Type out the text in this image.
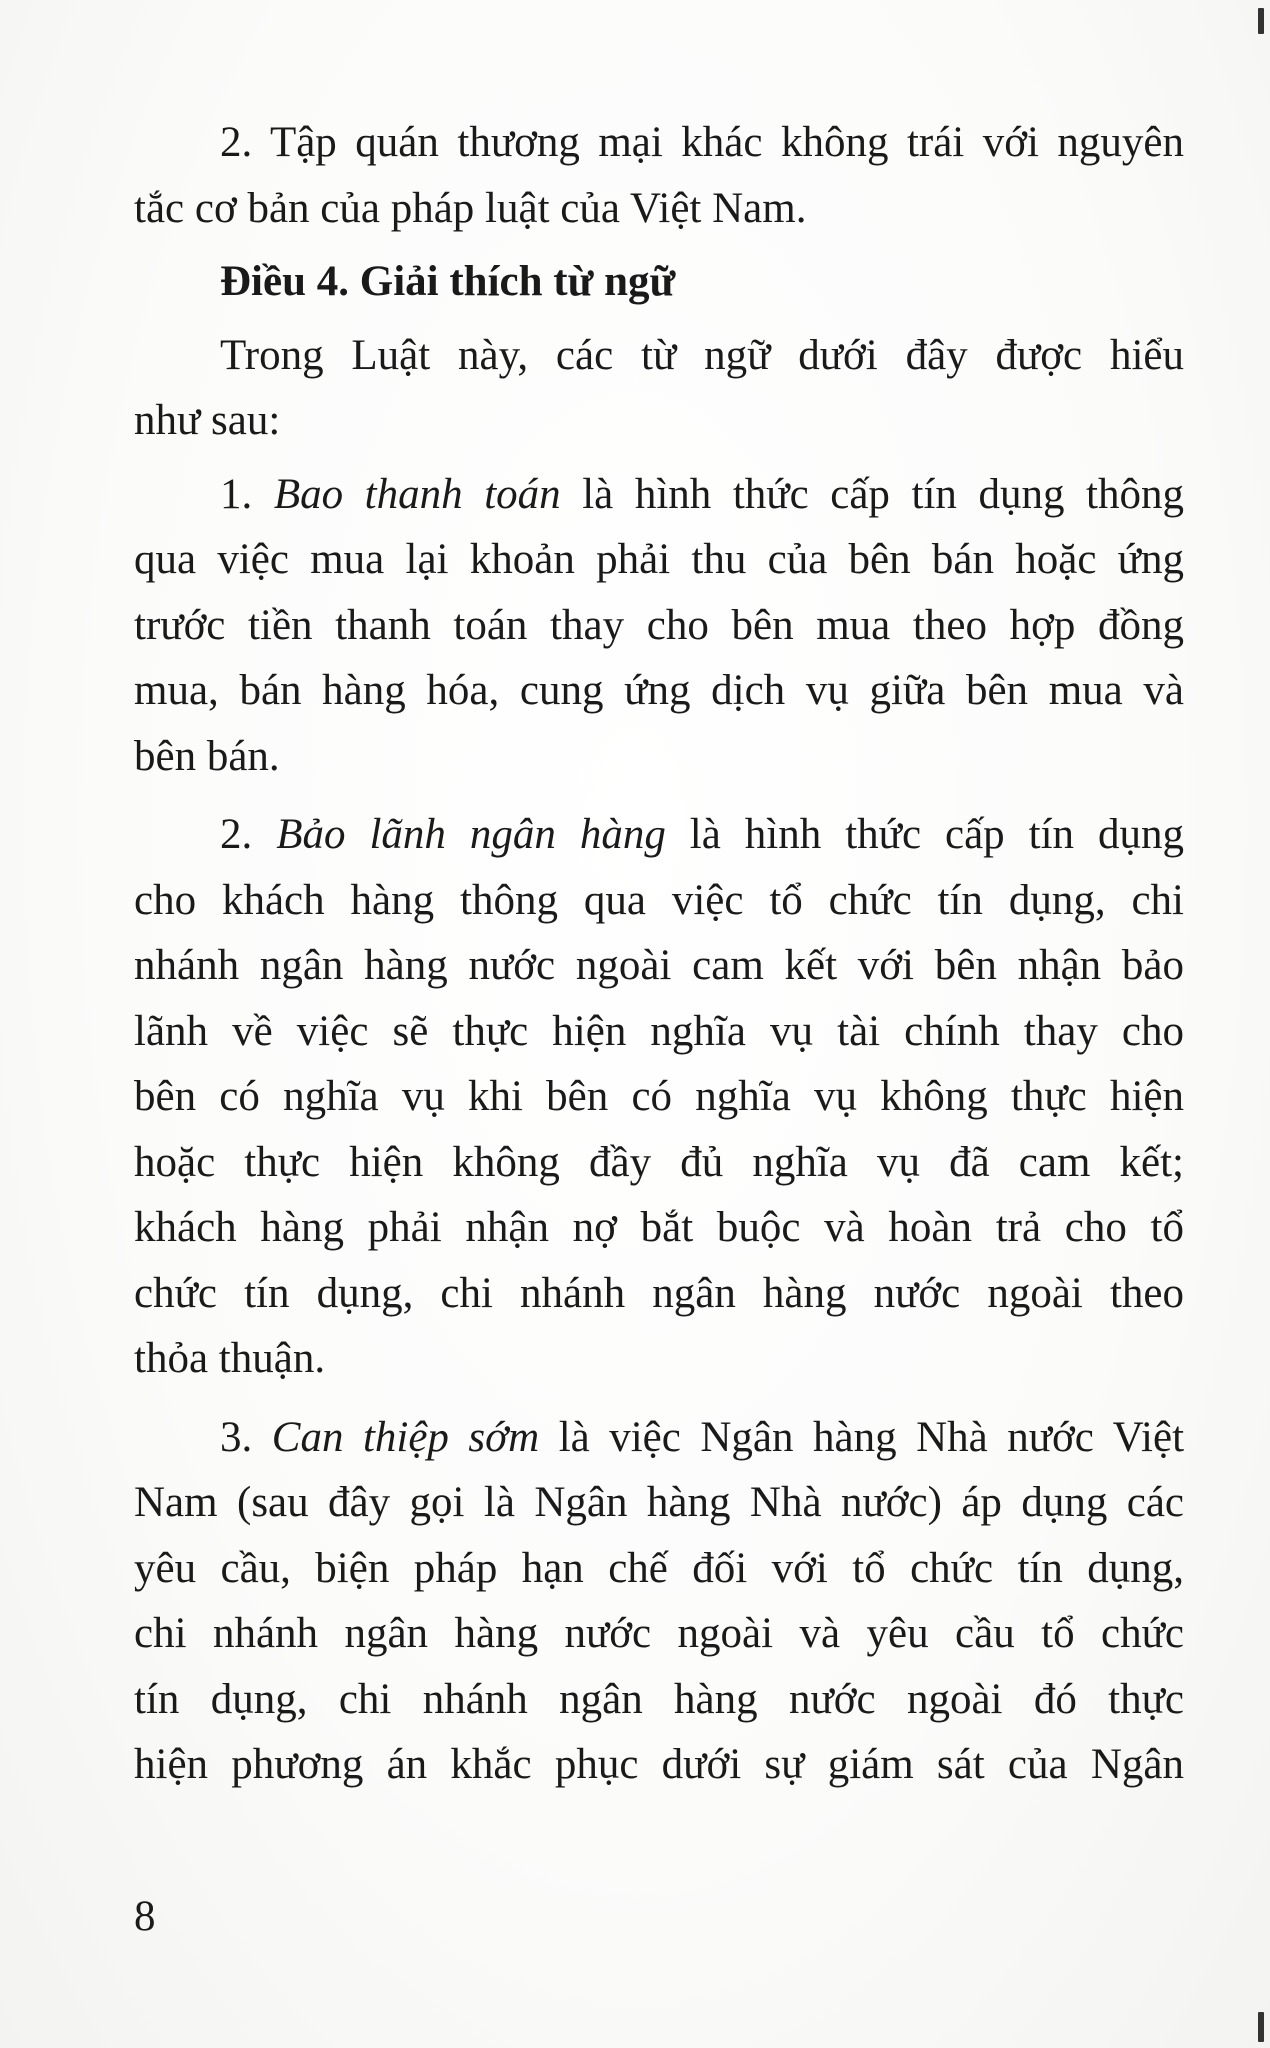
2. Tập quán thương mại khác không trái với nguyên
tắc cơ bản của pháp luật của Việt Nam.
Điều 4. Giải thích từ ngữ
Trong Luật này, các từ ngữ dưới đây được hiểu
như sau:
1. Bao thanh toán là hình thức cấp tín dụng thông
qua việc mua lại khoản phải thu của bên bán hoặc ứng
trước tiền thanh toán thay cho bên mua theo hợp đồng
mua, bán hàng hóa, cung ứng dịch vụ giữa bên mua và
bên bán.
2. Bảo lãnh ngân hàng là hình thức cấp tín dụng
cho khách hàng thông qua việc tổ chức tín dụng, chi
nhánh ngân hàng nước ngoài cam kết với bên nhận bảo
lãnh về việc sẽ thực hiện nghĩa vụ tài chính thay cho
bên có nghĩa vụ khi bên có nghĩa vụ không thực hiện
hoặc thực hiện không đầy đủ nghĩa vụ đã cam kết;
khách hàng phải nhận nợ bắt buộc và hoàn trả cho tổ
chức tín dụng, chi nhánh ngân hàng nước ngoài theo
thỏa thuận.
3. Can thiệp sớm là việc Ngân hàng Nhà nước Việt
Nam (sau đây gọi là Ngân hàng Nhà nước) áp dụng các
yêu cầu, biện pháp hạn chế đối với tổ chức tín dụng,
chi nhánh ngân hàng nước ngoài và yêu cầu tổ chức
tín dụng, chi nhánh ngân hàng nước ngoài đó thực
hiện phương án khắc phục dưới sự giám sát của Ngân
8
